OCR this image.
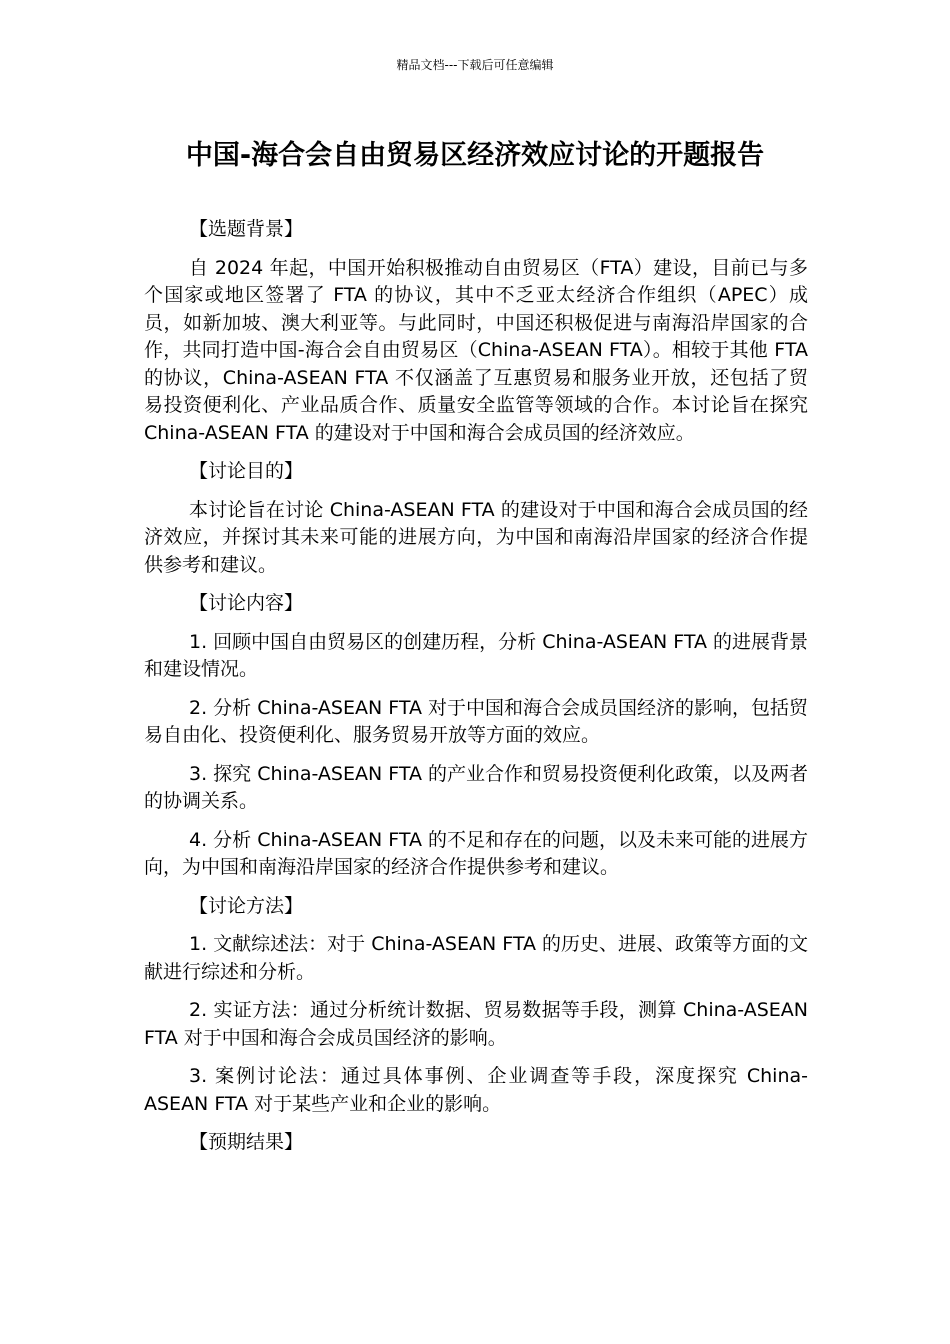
精品文档---下载后可任意编辑
中国-海合会自由贸易区经济效应讨论的开题报告

【选题背景】

自 2024 年起，中国开始积极推动自由贸易区（FTA）建设，目前已与多个国家或地区签署了 FTA 的协议，其中不乏亚太经济合作组织（APEC）成员，如新加坡、澳大利亚等。与此同时，中国还积极促进与南海沿岸国家的合作，共同打造中国-海合会自由贸易区（China-ASEAN FTA）。相较于其他 FTA 的协议，China-ASEAN FTA 不仅涵盖了互惠贸易和服务业开放，还包括了贸易投资便利化、产业品质合作、质量安全监管等领域的合作。本讨论旨在探究 China-ASEAN FTA 的建设对于中国和海合会成员国的经济效应。

【讨论目的】

本讨论旨在讨论 China-ASEAN FTA 的建设对于中国和海合会成员国的经济效应，并探讨其未来可能的进展方向，为中国和南海沿岸国家的经济合作提供参考和建议。

【讨论内容】

1. 回顾中国自由贸易区的创建历程，分析 China-ASEAN FTA 的进展背景和建设情况。

2. 分析 China-ASEAN FTA 对于中国和海合会成员国经济的影响，包括贸易自由化、投资便利化、服务贸易开放等方面的效应。

3. 探究 China-ASEAN FTA 的产业合作和贸易投资便利化政策，以及两者的协调关系。

4. 分析 China-ASEAN FTA 的不足和存在的问题，以及未来可能的进展方向，为中国和南海沿岸国家的经济合作提供参考和建议。

【讨论方法】

1. 文献综述法：对于 China-ASEAN FTA 的历史、进展、政策等方面的文献进行综述和分析。

2. 实证方法：通过分析统计数据、贸易数据等手段，测算 China-ASEAN FTA 对于中国和海合会成员国经济的影响。

3. 案例讨论法：通过具体事例、企业调查等手段，深度探究 China-ASEAN FTA 对于某些产业和企业的影响。

【预期结果】
